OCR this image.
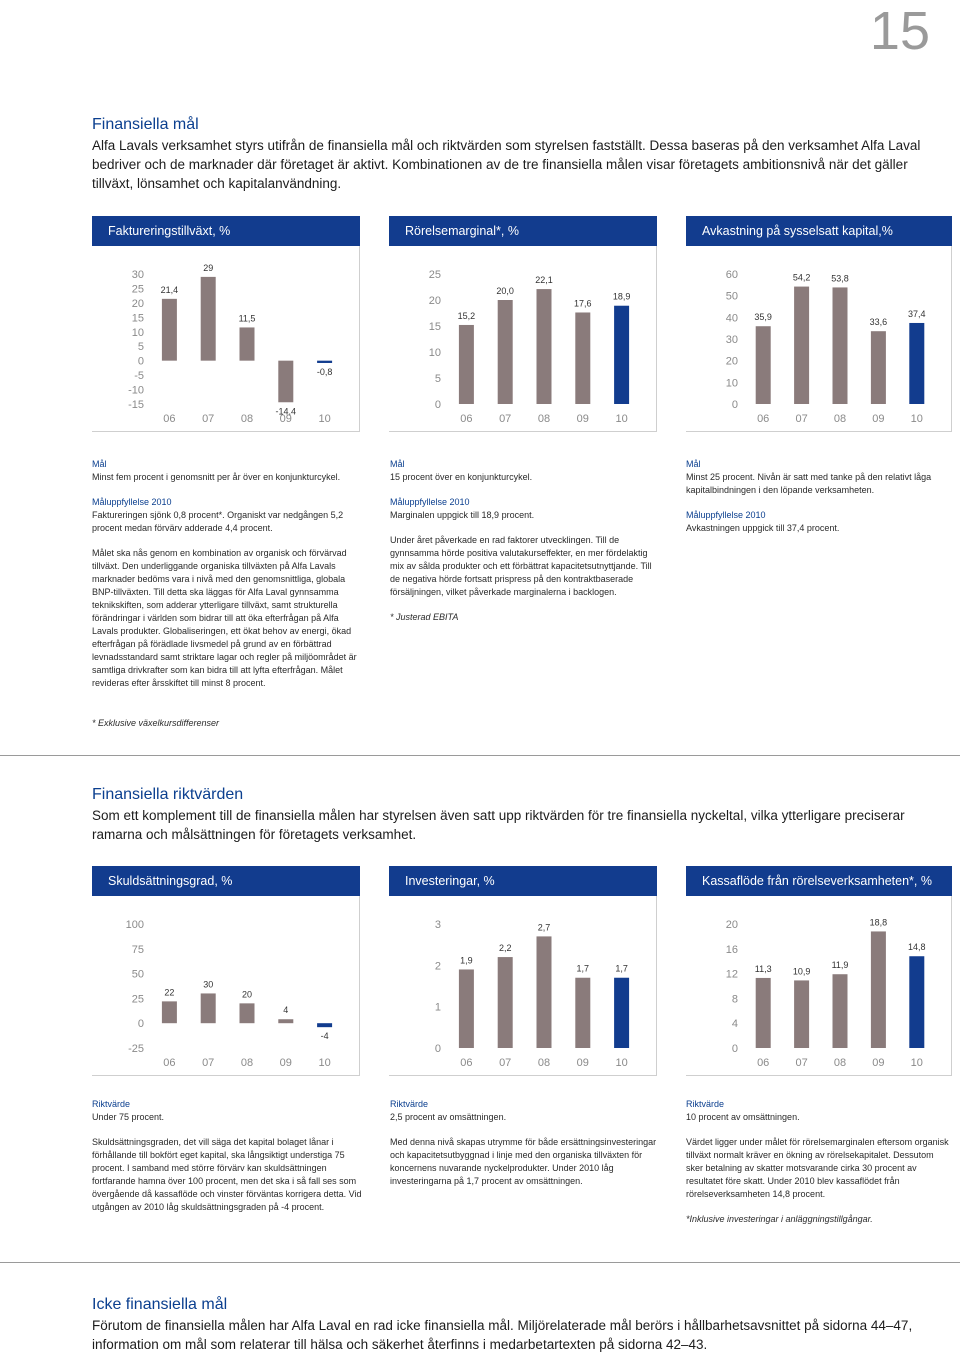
15
Finansiella mål
Alfa Lavals verksamhet styrs utifrån de finansiella mål och riktvärden som styrelsen fastställt. Dessa baseras på den verksamhet Alfa Laval bedriver och de marknader där företaget är aktivt. Kombinationen av de tre finansiella målen visar företagets ambitionsnivå när det gäller tillväxt, lönsamhet och kapitalanvändning.
Faktureringstillväxt, %	Rörelsemarginal*, %	Avkastning på sysselsatt kapital,%
30
25
20
15
10
5
0
-5
-10
-15
21,4
06
29
07
11,5
08
-14,4
09
-0,8
10
25
20
15
10
5
0
15,2
06
20,0
07
22,1
08
17,6
09
18,9
10
60
50
40
30
20
10
0
35,9
06
54,2
07
53,8
08
33,6
09
37,4
10
Mål

Minst fem procent i genomsnitt per år över en konjunkturcykel.

Måluppfyllelse 2010

Faktureringen sjönk 0,8 procent*. Organiskt var nedgången 5,2 procent medan förvärv adderade 4,4 procent.

Målet ska nås genom en kombination av organisk och förvärvad tillväxt. Den underliggande organiska tillväxten på Alfa Lavals marknader bedöms vara i nivå med den genomsnittliga, globala BNP-tillväxten. Till detta ska läggas för Alfa Laval gynnsamma teknikskiften, som adderar ytterligare tillväxt, samt strukturella förändringar i världen som bidrar till att öka efterfrågan på Alfa Lavals produkter. Globaliseringen, ett ökat behov av energi, ökad efterfrågan på förädlade livsmedel på grund av en förbättrad levnadsstandard samt striktare lagar och regler på miljöområdet är samtliga drivkrafter som kan bidra till att lyfta efterfrågan. Målet revideras efter årsskiftet till minst 8 procent.

Mål

15 procent över en konjunkturcykel.

Måluppfyllelse 2010

Marginalen uppgick till 18,9 procent.

Under året påverkade en rad faktorer utvecklingen. Till de gynnsamma hörde positiva valutakurseffekter, en mer fördelaktig mix av sålda produkter och ett förbättrat kapacitetsutnyttjande. Till de negativa hörde fortsatt prispress på den kontraktbaserade försäljningen, vilket påverkade marginalerna i backlogen.

* Justerad EBITA

Mål

Minst 25 procent. Nivån är satt med tanke på den relativt låga kapitalbindningen i den löpande verksamheten.

Måluppfyllelse 2010

Avkastningen uppgick till 37,4 procent.

* Exklusive växelkursdifferenser
Finansiella riktvärden
Som ett komplement till de finansiella målen har styrelsen även satt upp riktvärden för tre finansiella nyckeltal, vilka ytterligare preciserar ramarna och målsättningen för företagets verksamhet.
Skuldsättningsgrad, %	Investeringar, %	Kassaflöde från rörelseverksamheten*, %
100
75
50
25
0
-25
22
06
30
07
20
08
4
09
-4
10
3
2
1
0
1,9
06
2,2
07
2,7
08
1,7
09
1,7
10
20
16
12
8
4
0
11,3
06
10,9
07
11,9
08
18,8
09
14,8
10
Riktvärde

Under 75 procent.

Skuldsättningsgraden, det vill säga det kapital bolaget lånar i förhållande till bokfört eget kapital, ska långsiktigt understiga 75 procent. I samband med större förvärv kan skuldsättningen fortfarande hamna över 100 procent, men det ska i så fall ses som övergående då kassaflöde och vinster förväntas korrigera detta. Vid utgången av 2010 låg skuldsättningsgraden på -4 procent.

Riktvärde

2,5 procent av omsättningen.

Med denna nivå skapas utrymme för både ersättningsinvesteringar och kapacitetsutbyggnad i linje med den organiska tillväxten för koncernens nuvarande nyckelprodukter. Under 2010 låg investeringarna på 1,7 procent av omsättningen.

Riktvärde

10 procent av omsättningen.

Värdet ligger under målet för rörelsemarginalen eftersom organisk tillväxt normalt kräver en ökning av rörelsekapitalet. Dessutom sker betalning av skatter motsvarande cirka 30 procent av resultatet före skatt. Under 2010 blev kassaflödet från rörelseverksamheten 14,8 procent.

*Inklusive investeringar i anläggningstillgångar.

Icke finansiella mål
Förutom de finansiella målen har Alfa Laval en rad icke finansiella mål. Miljörelaterade mål berörs i hållbarhetsavsnittet på sidorna 44–47, information om mål som relaterar till hälsa och säkerhet återfinns i medarbetartexten på sidorna 42–43.
